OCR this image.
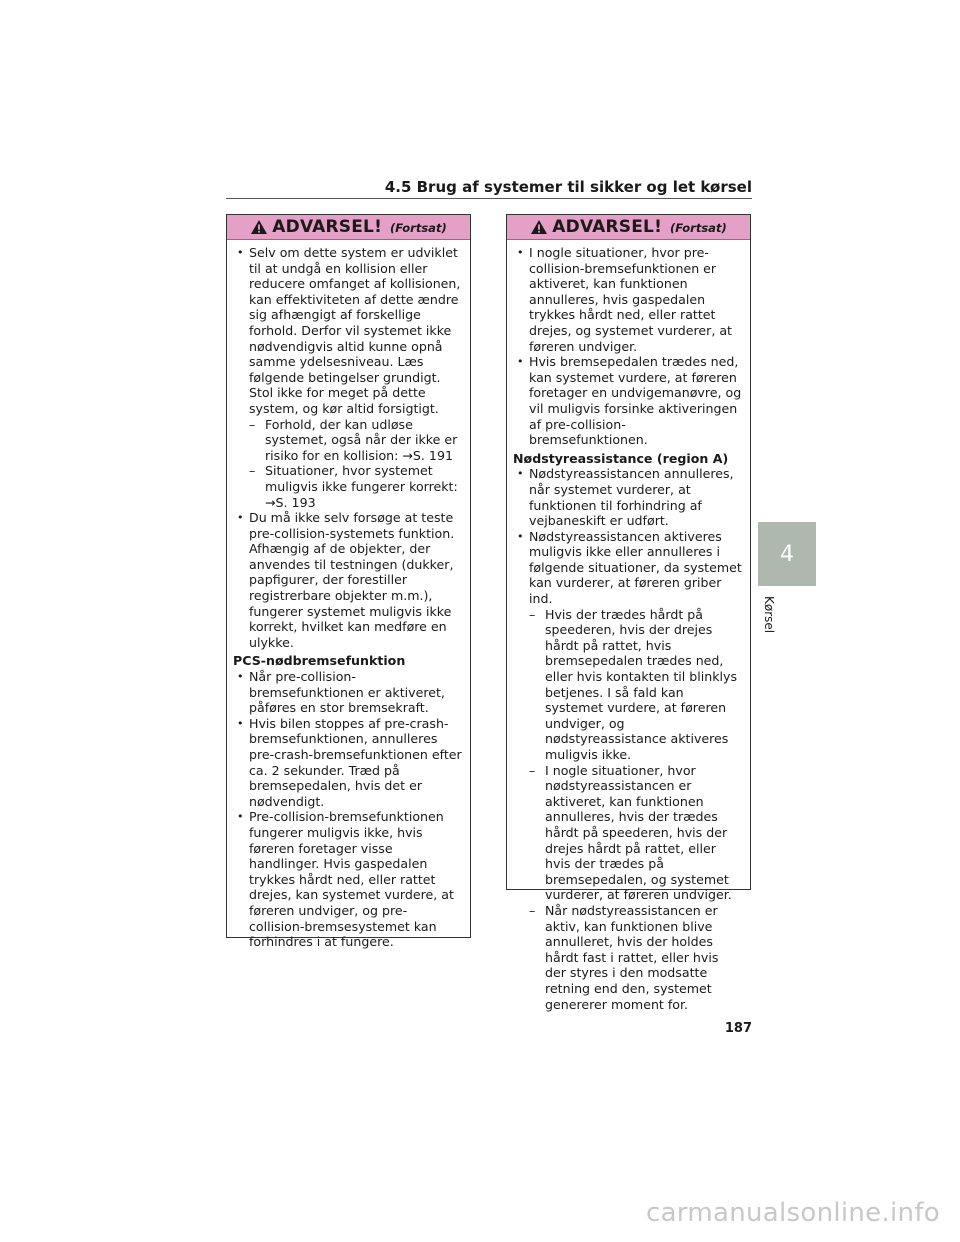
4.5 Brug af systemer til sikker og let kørsel
ADVARSEL! (Fortsat)
• Selv om dette system er udviklet til at undgå en kollision eller reducere omfanget af kollisionen, kan effektiviteten af dette ændre sig afhængigt af forskellige forhold. Derfor vil systemet ikke nødvendigvis altid kunne opnå samme ydelsesniveau. Læs følgende betingelser grundigt. Stol ikke for meget på dette system, og kør altid forsigtigt.
– Forhold, der kan udløse systemet, også når der ikke er risiko for en kollision: →S. 191
– Situationer, hvor systemet muligvis ikke fungerer korrekt: →S. 193
• Du må ikke selv forsøge at teste pre-collision-systemets funktion. Afhængig af de objekter, der anvendes til testningen (dukker, papfigurer, der forestiller registrerbare objekter m.m.), fungerer systemet muligvis ikke korrekt, hvilket kan medføre en ulykke.
PCS-nødbremsefunktion
• Når pre-collision-bremsefunktionen er aktiveret, påføres en stor bremsekraft.
• Hvis bilen stoppes af pre-crash-bremsefunktionen, annulleres pre-crash-bremsefunktionen efter ca. 2 sekunder. Træd på bremsepedalen, hvis det er nødvendigt.
• Pre-collision-bremsefunktionen fungerer muligvis ikke, hvis føreren foretager visse handlinger. Hvis gaspedalen trykkes hårdt ned, eller rattet drejes, kan systemet vurdere, at føreren undviger, og pre-collision-bremsesystemet kan forhindres i at fungere.
ADVARSEL! (Fortsat)
• I nogle situationer, hvor pre-collision-bremsefunktionen er aktiveret, kan funktionen annulleres, hvis gaspedalen trykkes hårdt ned, eller rattet drejes, og systemet vurderer, at føreren undviger.
• Hvis bremsepedalen trædes ned, kan systemet vurdere, at føreren foretager en undvigemanøvre, og vil muligvis forsinke aktiveringen af pre-collision-bremsefunktionen.
Nødstyreassistance (region A)
• Nødstyreassistancen annulleres, når systemet vurderer, at funktionen til forhindring af vejbaneskift er udført.
• Nødstyreassistancen aktiveres muligvis ikke eller annulleres i følgende situationer, da systemet kan vurderer, at føreren griber ind.
– Hvis der trædes hårdt på speederen, hvis der drejes hårdt på rattet, hvis bremsepedalen trædes ned, eller hvis kontakten til blinklys betjenes. I så fald kan systemet vurdere, at føreren undviger, og nødstyreassistance aktiveres muligvis ikke.
– I nogle situationer, hvor nødstyreassistancen er aktiveret, kan funktionen annulleres, hvis der trædes hårdt på speederen, hvis der drejes hårdt på rattet, eller hvis der trædes på bremsepedalen, og systemet vurderer, at føreren undviger.
– Når nødstyreassistancen er aktiv, kan funktionen blive annulleret, hvis der holdes hårdt fast i rattet, eller hvis der styres i den modsatte retning end den, systemet genererer moment for.
4
Kørsel
187
carmanualsonline.info
